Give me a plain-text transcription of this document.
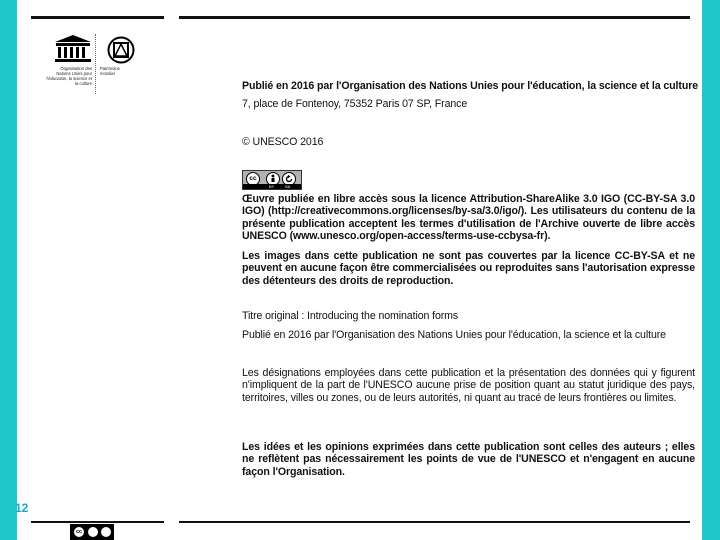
Organisation des Nations Unies pour l'éducation, la science et la culture
Patrimoine mondial
Publié en 2016 par l'Organisation des Nations Unies pour l'éducation, la science et la culture
7, place de Fontenoy, 75352 Paris 07 SP, France
© UNESCO 2016
cc
BY	SA
Œuvre publiée en libre accès sous la licence Attribution-ShareAlike 3.0 IGO (CC-BY-SA 3.0 IGO) (http://creativecommons.org/licenses/by-sa/3.0/igo/). Les utilisateurs du contenu de la présente publication acceptent les termes d'utilisation de l'Archive ouverte de libre accès UNESCO (www.unesco.org/open-access/terms-use-ccbysa-fr).
Les images dans cette publication ne sont pas couvertes par la licence CC-BY-SA et ne peuvent en aucune façon être commercialisées ou reproduites sans l'autorisation expresse des détenteurs des droits de reproduction.
Titre original : Introducing the nomination forms
Publié en 2016 par l'Organisation des Nations Unies pour l'éducation, la science et la culture
Les désignations employées dans cette publication et la présentation des données qui y figurent n'impliquent de la part de l'UNESCO aucune prise de position quant au statut juridique des pays, territoires, villes ou zones, ou de leurs autorités, ni quant au tracé de leurs frontières ou limites.
Les idées et les opinions exprimées dans cette publication sont celles des auteurs ; elles ne reflètent pas nécessairement les points de vue de l'UNESCO et n'engagent en aucune façon l'Organisation.
cc
12
